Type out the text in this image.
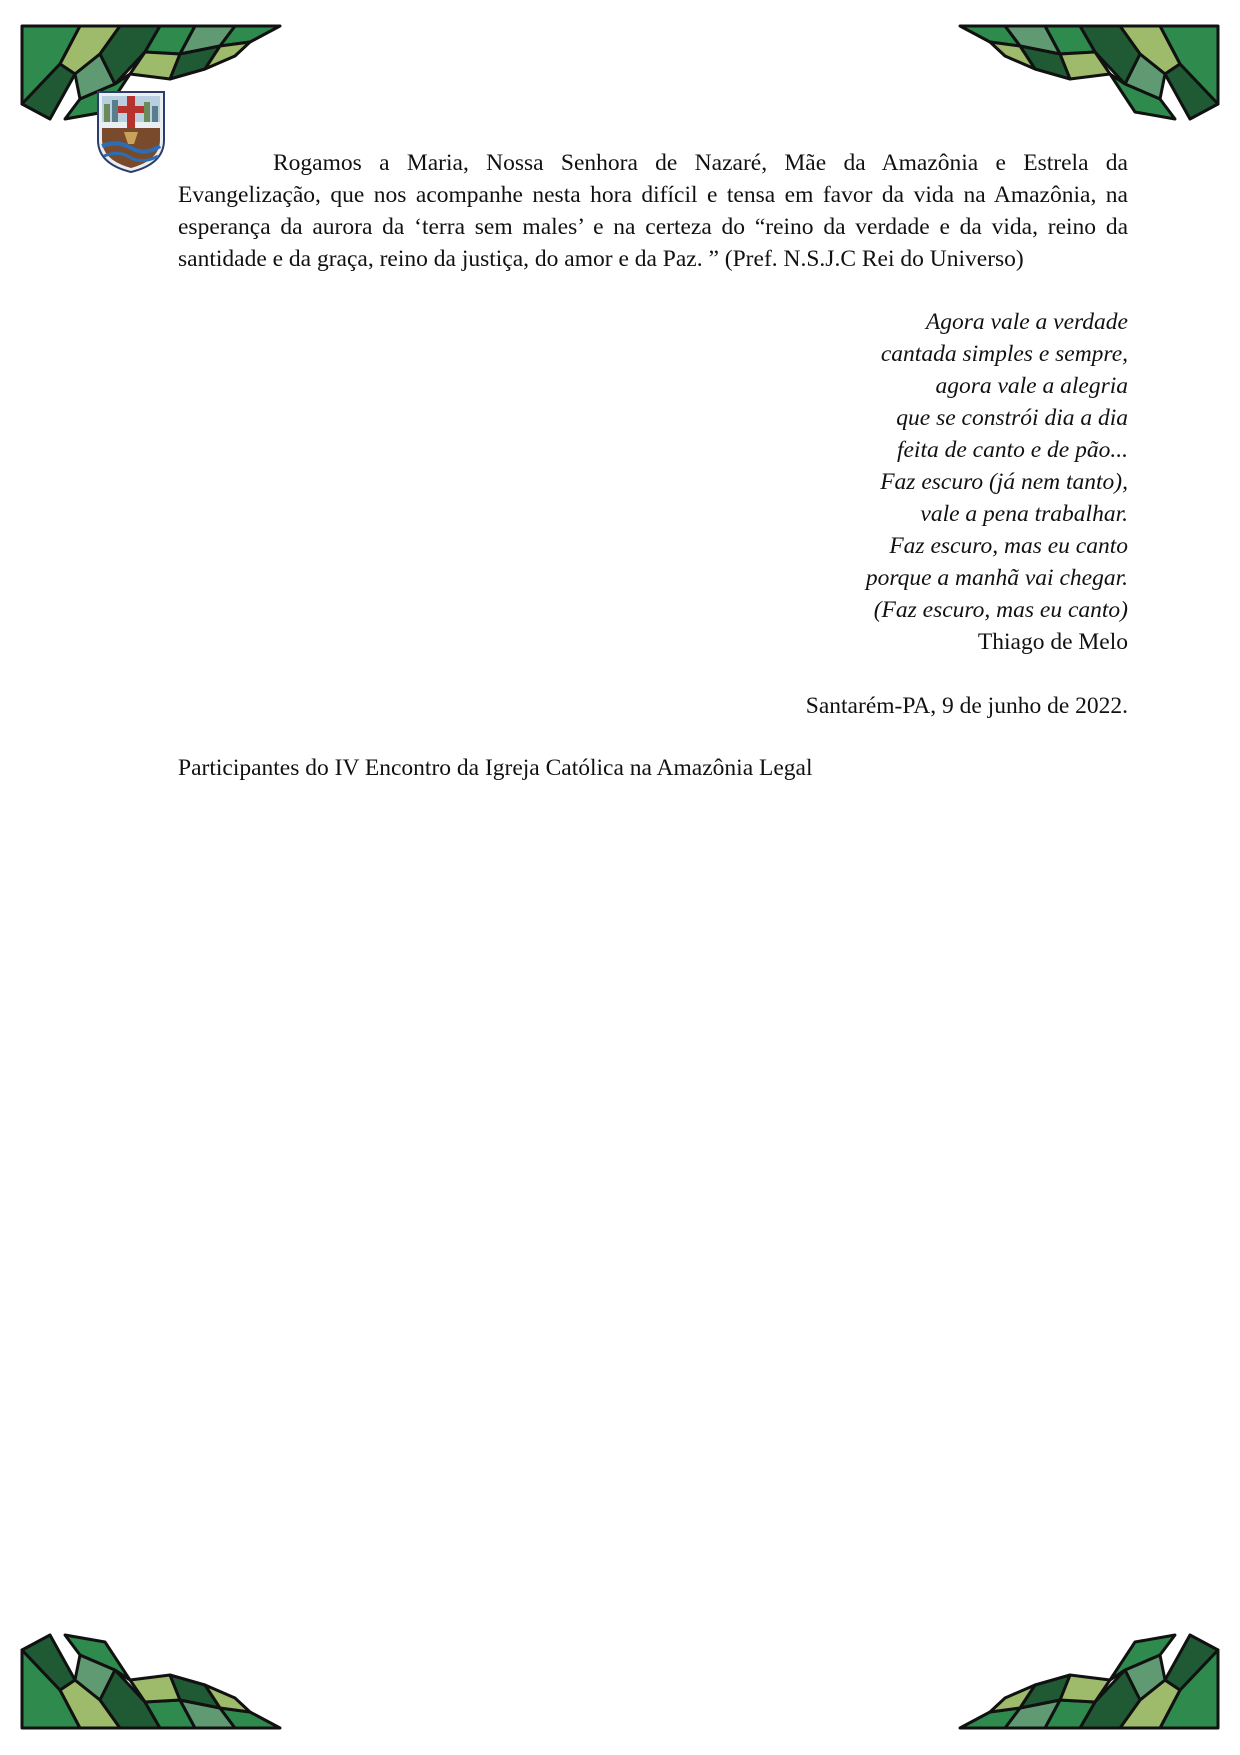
Rogamos a Maria, Nossa Senhora de Nazaré, Mãe da Amazônia e Estrela da Evangelização, que nos acompanhe nesta hora difícil e tensa em favor da vida na Amazônia, na esperança da aurora da ‘terra sem males’ e na certeza do “reino da verdade e da vida, reino da santidade e da graça, reino da justiça, do amor e da Paz. ” (Pref. N.S.J.C Rei do Universo)

Agora vale a verdade
cantada simples e sempre,
agora vale a alegria
que se constrói dia a dia
feita de canto e de pão...
Faz escuro (já nem tanto),
vale a pena trabalhar.
Faz escuro, mas eu canto
porque a manhã vai chegar.
(Faz escuro, mas eu canto)
Thiago de Melo

Santarém-PA, 9 de junho de 2022.

Participantes do IV Encontro da Igreja Católica na Amazônia Legal
